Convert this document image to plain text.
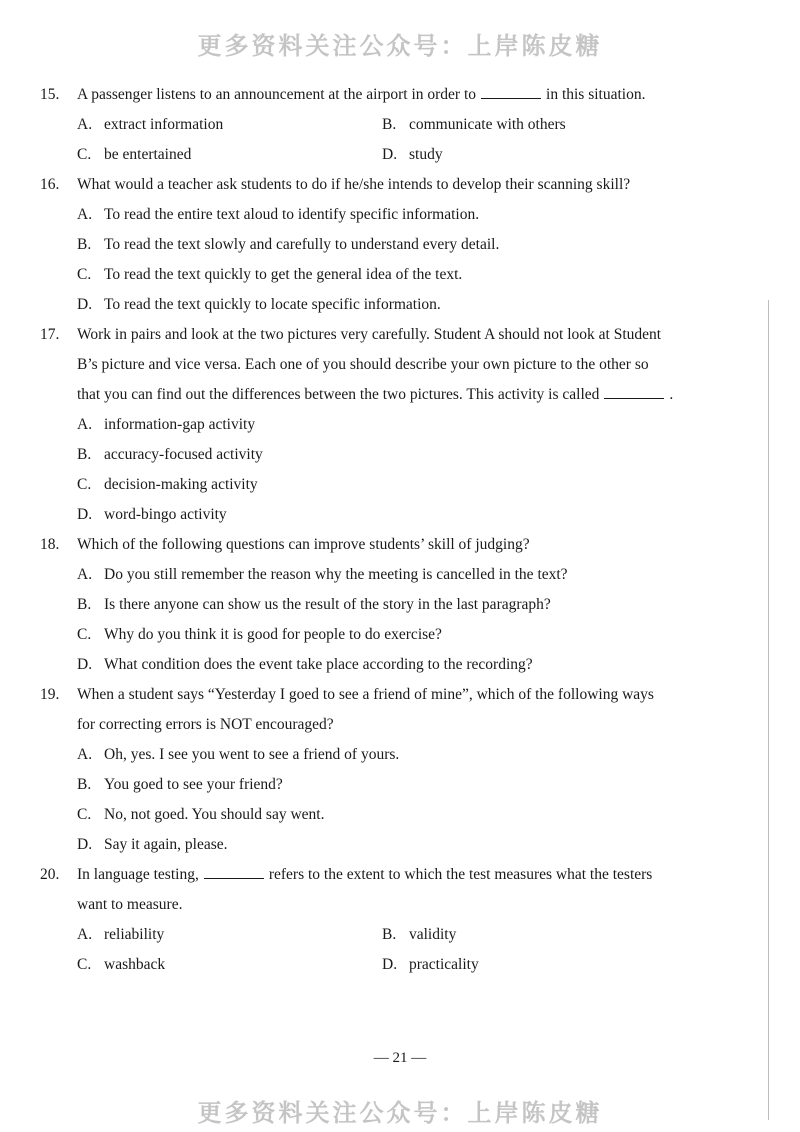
更多资料关注公众号：上岸陈皮糖
15.	A passenger listens to an announcement at the airport in order to	in this situation.
A. extract information	B. communicate with others
C. be entertained	D. study
16.	What would a teacher ask students to do if he/she intends to develop their scanning skill?
A. To read the entire text aloud to identify specific information.
B. To read the text slowly and carefully to understand every detail.
C. To read the text quickly to get the general idea of the text.
D. To read the text quickly to locate specific information.
17.	Work in pairs and look at the two pictures very carefully. Student A should not look at Student
B’s picture and vice versa. Each one of you should describe your own picture to the other so
that you can find out the differences between the two pictures. This activity is called	.
A. information-gap activity
B. accuracy-focused activity
C. decision-making activity
D. word-bingo activity
18.	Which of the following questions can improve students’ skill of judging?
A. Do you still remember the reason why the meeting is cancelled in the text?
B. Is there anyone can show us the result of the story in the last paragraph?
C. Why do you think it is good for people to do exercise?
D. What condition does the event take place according to the recording?
19.	When a student says “Yesterday I goed to see a friend of mine”, which of the following ways
for correcting errors is NOT encouraged?
A. Oh, yes. I see you went to see a friend of yours.
B. You goed to see your friend?
C. No, not goed. You should say went.
D. Say it again, please.
20.	In language testing,	refers to the extent to which the test measures what the testers
want to measure.
A. reliability	B. validity
C. washback	D. practicality
— 21 —
更多资料关注公众号：上岸陈皮糖
